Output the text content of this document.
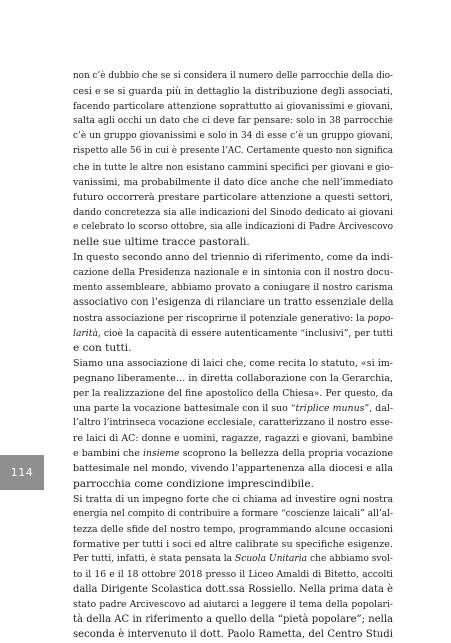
non c’è dubbio che se si considera il numero delle parrocchie della dio-
cesi e se si guarda più in dettaglio la distribuzione degli associati,
facendo particolare attenzione soprattutto ai giovanissimi e giovani,
salta agli occhi un dato che ci deve far pensare: solo in 38 parrocchie
c’è un gruppo giovanissimi e solo in 34 di esse c’è un gruppo giovani,
rispetto alle 56 in cui è presente l’AC. Certamente questo non significa
che in tutte le altre non esistano cammini specifici per giovani e gio-
vanissimi, ma probabilmente il dato dice anche che nell’immediato
futuro occorrerà prestare particolare attenzione a questi settori,
dando concretezza sia alle indicazioni del Sinodo dedicato ai giovani
e celebrato lo scorso ottobre, sia alle indicazioni di Padre Arcivescovo
nelle sue ultime tracce pastorali.
In questo secondo anno del triennio di riferimento, come da indi-
cazione della Presidenza nazionale e in sintonia con il nostro docu-
mento assembleare, abbiamo provato a coniugare il nostro carisma
associativo con l’esigenza di rilanciare un tratto essenziale della
nostra associazione per riscoprirne il potenziale generativo: la popo-
larità, cioè la capacità di essere autenticamente “inclusivi”, per tutti
e con tutti.
Siamo una associazione di laici che, come recita lo statuto, «si im-
pegnano liberamente… in diretta collaborazione con la Gerarchia,
per la realizzazione del fine apostolico della Chiesa». Per questo, da
una parte la vocazione battesimale con il suo “triplice munus”, dal-
l’altro l’intrinseca vocazione ecclesiale, caratterizzano il nostro esse-
re laici di AC: donne e uomini, ragazze, ragazzi e giovani, bambine
e bambini che insieme scoprono la bellezza della propria vocazione
battesimale nel mondo, vivendo l’appartenenza alla diocesi e alla
parrocchia come condizione imprescindibile.
Si tratta di un impegno forte che ci chiama ad investire ogni nostra
energia nel compito di contribuire a formare “coscienze laicali” all’al-
tezza delle sfide del nostro tempo, programmando alcune occasioni
formative per tutti i soci ed altre calibrate su specifiche esigenze.
Per tutti, infatti, è stata pensata la Scuola Unitaria che abbiamo svol-
to il 16 e il 18 ottobre 2018 presso il Liceo Amaldi di Bitetto, accolti
dalla Dirigente Scolastica dott.ssa Rossiello. Nella prima data è
stato padre Arcivescovo ad aiutarci a leggere il tema della popolari-
tà della AC in riferimento a quello della “pietà popolare”; nella
seconda è intervenuto il dott. Paolo Rametta, del Centro Studi
114
